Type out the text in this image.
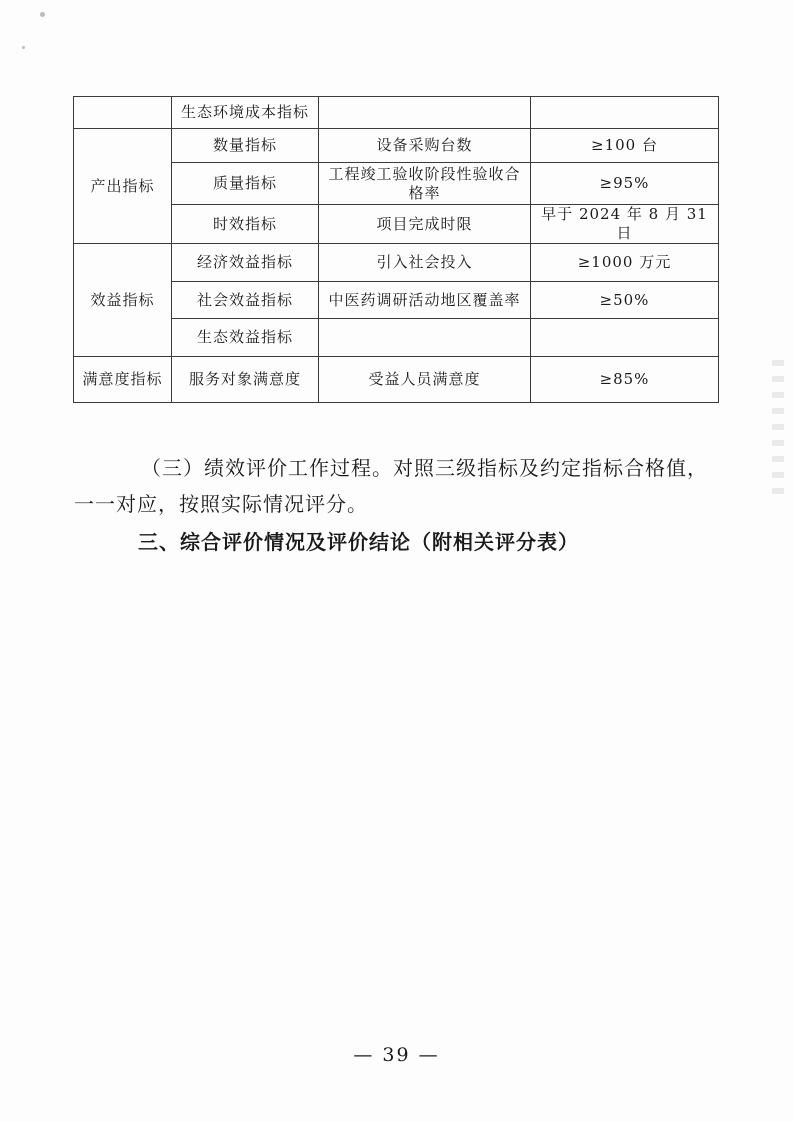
	生态环境成本指标		
产出指标	数量指标	设备采购台数	≥100 台
	质量指标	工程竣工验收阶段性验收合格率	≥95%
	时效指标	项目完成时限	早于 2024 年 8 月 31 日
效益指标	经济效益指标	引入社会投入	≥1000 万元
	社会效益指标	中医药调研活动地区覆盖率	≥50%
	生态效益指标		
满意度指标	服务对象满意度	受益人员满意度	≥85%
（三）绩效评价工作过程。对照三级指标及约定指标合格值，
一一对应，按照实际情况评分。
三、综合评价情况及评价结论（附相关评分表）
— 39 —
